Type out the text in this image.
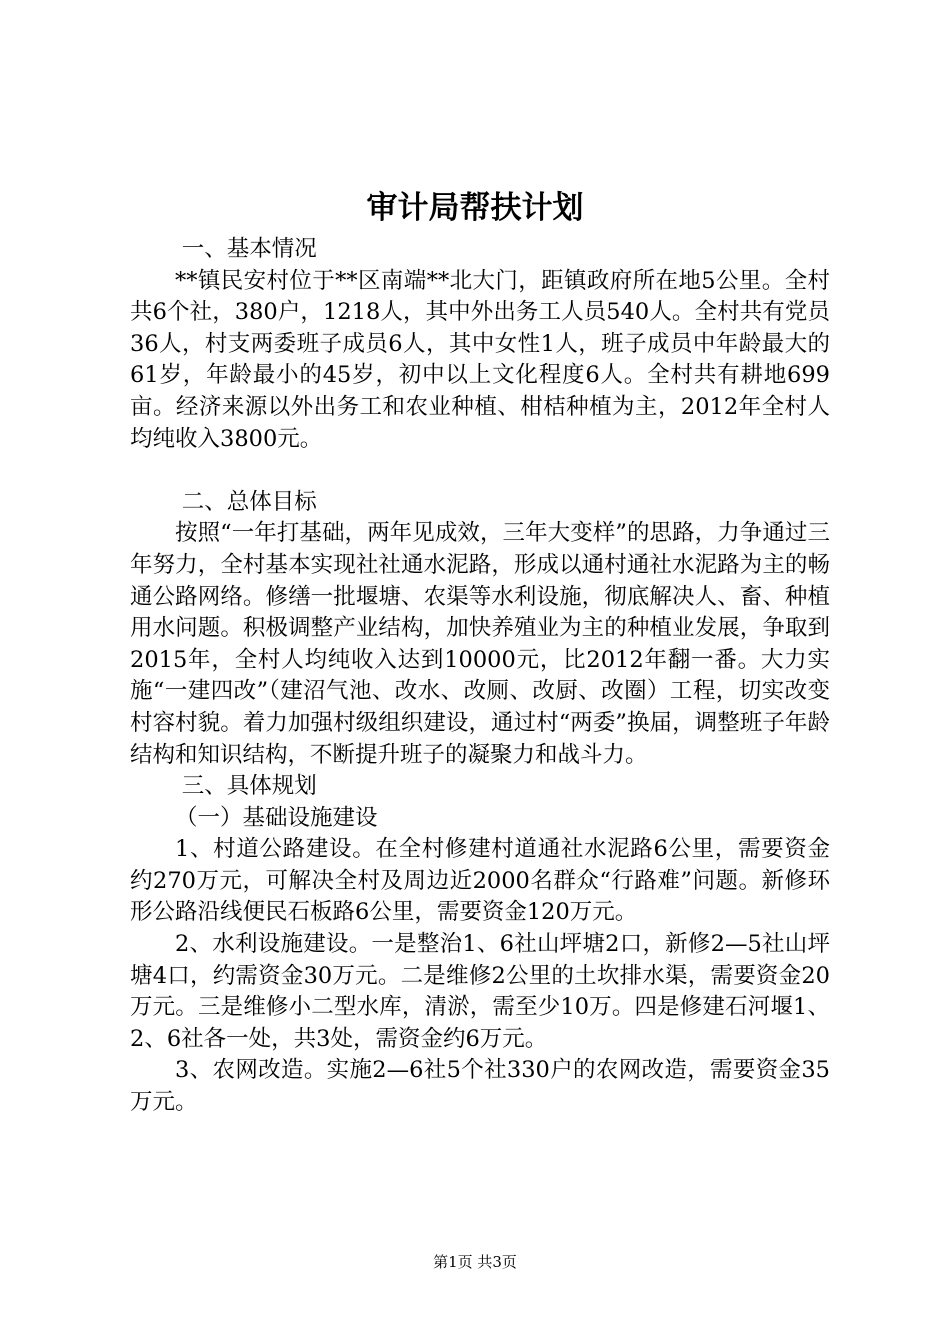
审计局帮扶计划

一、基本情况

**镇民安村位于**区南端**北大门，距镇政府所在地5公里。全村共6个社，380户，1218人，其中外出务工人员540人。全村共有党员36人，村支两委班子成员6人，其中女性1人，班子成员中年龄最大的61岁，年龄最小的45岁，初中以上文化程度6人。全村共有耕地699亩。经济来源以外出务工和农业种植、柑桔种植为主，2012年全村人均纯收入3800元。

二、总体目标

按照“一年打基础，两年见成效，三年大变样”的思路，力争通过三年努力，全村基本实现社社通水泥路，形成以通村通社水泥路为主的畅通公路网络。修缮一批堰塘、农渠等水利设施，彻底解决人、畜、种植用水问题。积极调整产业结构，加快养殖业为主的种植业发展，争取到2015年，全村人均纯收入达到10000元，比2012年翻一番。大力实施“一建四改”（建沼气池、改水、改厕、改厨、改圈）工程，切实改变村容村貌。着力加强村级组织建设，通过村“两委”换届，调整班子年龄结构和知识结构，不断提升班子的凝聚力和战斗力。

三、具体规划

（一）基础设施建设

1、村道公路建设。在全村修建村道通社水泥路6公里，需要资金约270万元，可解决全村及周边近2000名群众“行路难”问题。新修环形公路沿线便民石板路6公里，需要资金120万元。

2、水利设施建设。一是整治1、6社山坪塘2口，新修2—5社山坪塘4口，约需资金30万元。二是维修2公里的土坎排水渠，需要资金20万元。三是维修小二型水库，清淤，需至少10万。四是修建石河堰1、2、6社各一处，共3处，需资金约6万元。

3、农网改造。实施2—6社5个社330户的农网改造，需要资金35万元。

第1页 共3页
